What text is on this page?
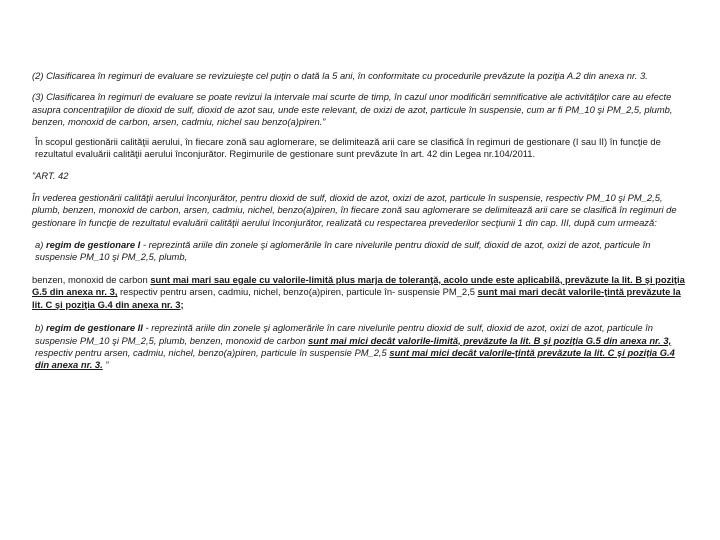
(2) Clasificarea în regimuri de evaluare se revizuieşte cel puţin o dată la 5 ani, în conformitate cu procedurile prevăzute la poziţia A.2 din anexa nr. 3.

(3) Clasificarea în regimuri de evaluare se poate revizui la intervale mai scurte de timp, în cazul unor modificări semnificative ale activităţilor care au efecte asupra concentraţiilor de dioxid de sulf, dioxid de azot sau, unde este relevant, de oxizi de azot, particule în suspensie, cum ar fi PM_10 şi PM_2,5, plumb, benzen, monoxid de carbon, arsen, cadmiu, nichel sau benzo(a)piren.”

În scopul gestionării calităţii aerului, în fiecare zonă sau aglomerare, se delimitează arii care se clasifică în regimuri de gestionare (I sau II) în funcţie de rezultatul evaluării calităţii aerului înconjurător. Regimurile de gestionare sunt prevăzute în art. 42 din Legea nr.104/2011.

”ART. 42

În vederea gestionării calităţii aerului înconjurător, pentru dioxid de sulf, dioxid de azot, oxizi de azot, particule în suspensie, respectiv PM_10 şi PM_2,5, plumb, benzen, monoxid de carbon, arsen, cadmiu, nichel, benzo(a)piren, în fiecare zonă sau aglomerare se delimitează arii care se clasifică în regimuri de gestionare în funcţie de rezultatul evaluării calităţii aerului înconjurător, realizată cu respectarea prevederilor secţiunii 1 din cap. III, după cum urmează:

a) regim de gestionare I - reprezintă ariile din zonele şi aglomerările în care nivelurile pentru dioxid de sulf, dioxid de azot, oxizi de azot, particule în suspensie PM_10 şi PM_2,5, plumb,

benzen, monoxid de carbon sunt mai mari sau egale cu valorile-limită plus marja de toleranţă, acolo unde este aplicabilă, prevăzute la lit. B şi poziţia G.5 din anexa nr. 3, respectiv pentru arsen, cadmiu, nichel, benzo(a)piren, particule în- suspensie PM_2,5 sunt mai mari decât valorile-ţintă prevăzute la lit. C şi poziţia G.4 din anexa nr. 3;

b) regim de gestionare II - reprezintă ariile din zonele şi aglomerările în care nivelurile pentru dioxid de sulf, dioxid de azot, oxizi de azot, particule în suspensie PM_10 şi PM_2,5, plumb, benzen, monoxid de carbon sunt mai mici decât valorile-limită, prevăzute la lit. B şi poziţia G.5 din anexa nr. 3, respectiv pentru arsen, cadmiu, nichel, benzo(a)piren, particule în suspensie PM_2,5 sunt mai mici decât valorile-ţintă prevăzute la lit. C şi poziţia G.4 din anexa nr. 3. ”
